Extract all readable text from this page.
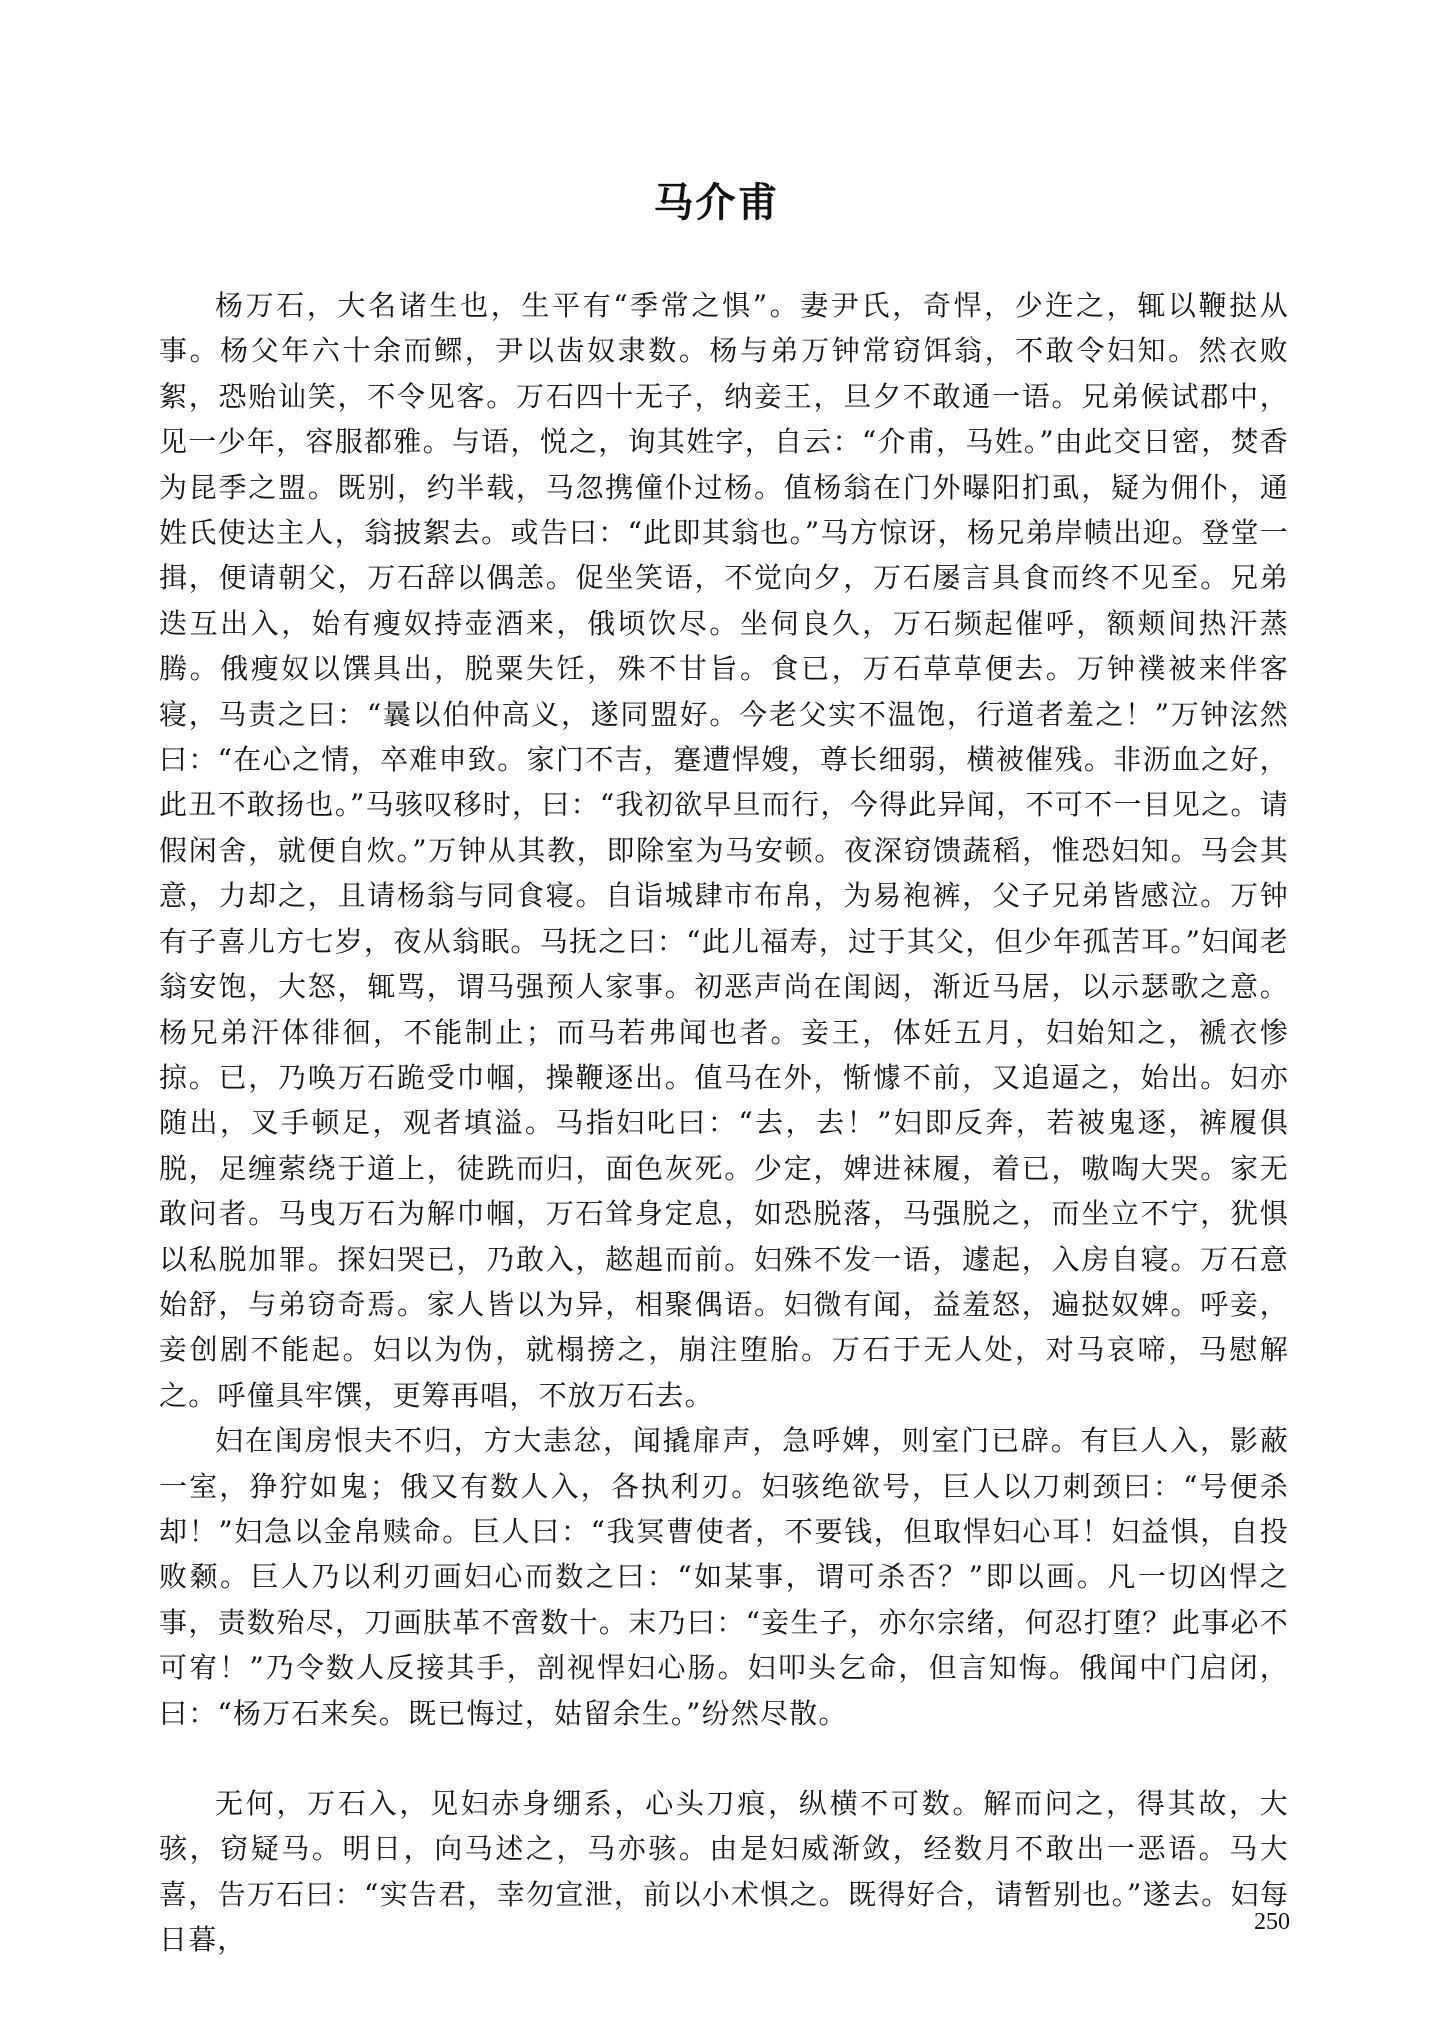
马介甫

杨万石，大名诸生也，生平有“季常之惧”。妻尹氏，奇悍，少迕之，辄以鞭挞从事。杨父年六十余而鳏，尹以齿奴隶数。杨与弟万钟常窃饵翁，不敢令妇知。然衣败絮，恐贻讪笑，不令见客。万石四十无子，纳妾王，旦夕不敢通一语。兄弟候试郡中，见一少年，容服都雅。与语，悦之，询其姓字，自云：“介甫，马姓。”由此交日密，焚香为昆季之盟。既别，约半载，马忽携僮仆过杨。值杨翁在门外曝阳扪虱，疑为佣仆，通姓氏使达主人，翁披絮去。或告曰：“此即其翁也。”马方惊讶，杨兄弟岸帻出迎。登堂一揖，便请朝父，万石辞以偶恙。促坐笑语，不觉向夕，万石屡言具食而终不见至。兄弟迭互出入，始有瘦奴持壶酒来，俄顷饮尽。坐伺良久，万石频起催呼，额颊间热汗蒸腾。俄瘦奴以馔具出，脱粟失饪，殊不甘旨。食已，万石草草便去。万钟襆被来伴客寝，马责之曰：“曩以伯仲高义，遂同盟好。今老父实不温饱，行道者羞之！”万钟泫然曰：“在心之情，卒难申致。家门不吉，蹇遭悍嫂，尊长细弱，横被催残。非沥血之好，此丑不敢扬也。”马骇叹移时，曰：“我初欲早旦而行，今得此异闻，不可不一目见之。请假闲舍，就便自炊。”万钟从其教，即除室为马安顿。夜深窃馈蔬稻，惟恐妇知。马会其意，力却之，且请杨翁与同食寝。自诣城肆市布帛，为易袍裤，父子兄弟皆感泣。万钟有子喜儿方七岁，夜从翁眠。马抚之曰：“此儿福寿，过于其父，但少年孤苦耳。”妇闻老翁安饱，大怒，辄骂，谓马强预人家事。初恶声尚在闺闼，渐近马居，以示瑟歌之意。杨兄弟汗体徘徊，不能制止；而马若弗闻也者。妾王，体妊五月，妇始知之，褫衣惨掠。已，乃唤万石跪受巾帼，操鞭逐出。值马在外，惭懅不前，又追逼之，始出。妇亦随出，叉手顿足，观者填溢。马指妇叱曰：“去，去！”妇即反奔，若被鬼逐，裤履俱脱，足缠萦绕于道上，徒跣而归，面色灰死。少定，婢进袜履，着已，嗷啕大哭。家无敢问者。马曳万石为解巾帼，万石耸身定息，如恐脱落，马强脱之，而坐立不宁，犹惧以私脱加罪。探妇哭已，乃敢入，趑趄而前。妇殊不发一语，遽起，入房自寝。万石意始舒，与弟窃奇焉。家人皆以为异，相聚偶语。妇微有闻，益羞怒，遍挞奴婢。呼妾，妾创剧不能起。妇以为伪，就榻搒之，崩注堕胎。万石于无人处，对马哀啼，马慰解之。呼僮具牢馔，更筹再唱，不放万石去。

妇在闺房恨夫不归，方大恚忿，闻撬扉声，急呼婢，则室门已辟。有巨人入，影蔽一室，狰狞如鬼；俄又有数人入，各执利刃。妇骇绝欲号，巨人以刀刺颈曰：“号便杀却！”妇急以金帛赎命。巨人曰：“我冥曹使者，不要钱，但取悍妇心耳！妇益惧，自投败颡。巨人乃以利刃画妇心而数之曰：“如某事，谓可杀否？”即以画。凡一切凶悍之事，责数殆尽，刀画肤革不啻数十。末乃曰：“妾生子，亦尔宗绪，何忍打堕？此事必不可宥！”乃令数人反接其手，剖视悍妇心肠。妇叩头乞命，但言知悔。俄闻中门启闭，曰：“杨万石来矣。既已悔过，姑留余生。”纷然尽散。

无何，万石入，见妇赤身绷系，心头刀痕，纵横不可数。解而问之，得其故，大骇，窃疑马。明日，向马述之，马亦骇。由是妇威渐敛，经数月不敢出一恶语。马大喜，告万石曰：“实告君，幸勿宣泄，前以小术惧之。既得好合，请暂别也。”遂去。妇每日暮，

250
